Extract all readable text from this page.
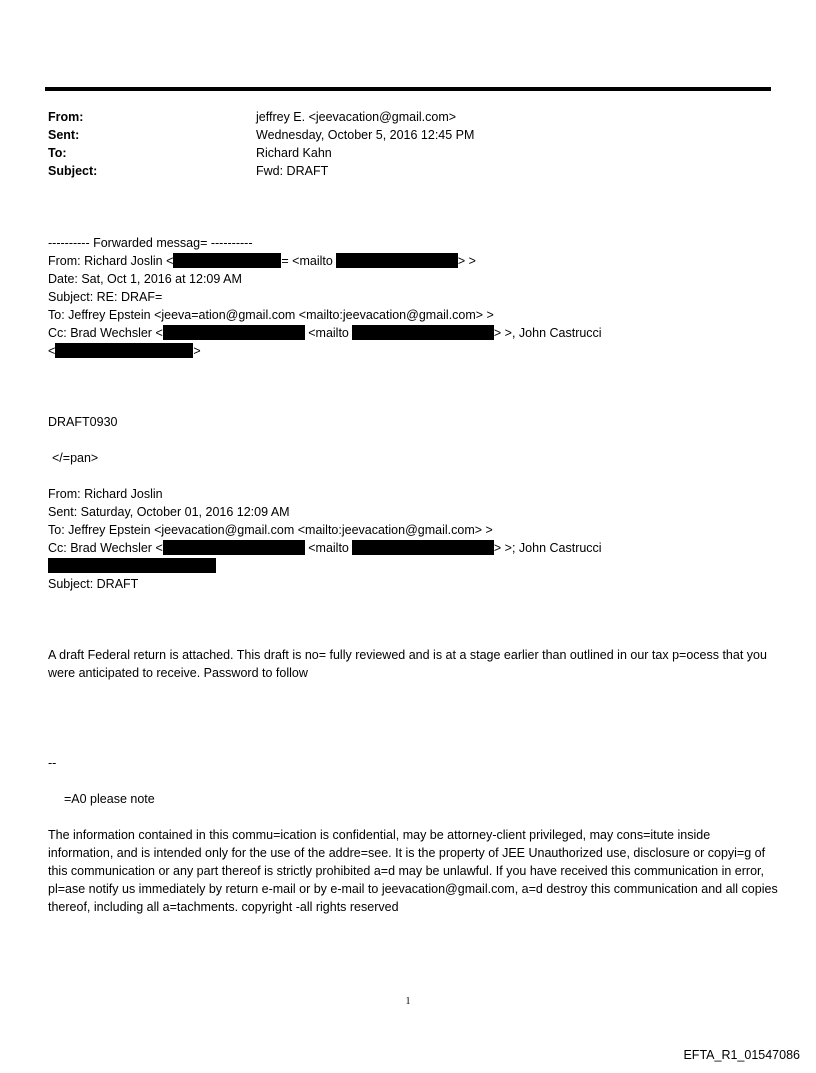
From:	jeffrey E. <jeevacation@gmail.com>
Sent:	Wednesday, October 5, 2016 12:45 PM
To:	Richard Kahn
Subject:	Fwd: DRAFT
---------- Forwarded messag= ----------
From: Richard Joslin <	= <mailto	> >
Date: Sat, Oct 1, 2016 at 12:09 AM
Subject: RE: DRAF=
To: Jeffrey Epstein <jeeva=ation@gmail.com <mailto:jeevacation@gmail.com> >
Cc: Brad Wechsler <	<mailto	> >, John Castrucci
<	>
DRAFT0930
</=pan>
From: Richard Joslin
Sent: Saturday, October 01, 2016 12:09 AM
To: Jeffrey Epstein <jeevacation@gmail.com <mailto:jeevacation@gmail.com> >
Cc: Brad Wechsler <	<mailto	> >; John Castrucci
Subject: DRAFT
A draft Federal return is attached. This draft is no= fully reviewed and is at a stage earlier than outlined in our tax p=ocess that you were anticipated to receive. Password to follow
--
=A0 please note
The information contained in this commu=ication is confidential, may be attorney-client privileged, may cons=itute inside information, and is intended only for the use of the addre=see. It is the property of JEE Unauthorized use, disclosure or copyi=g of this communication or any part thereof is strictly prohibited a=d may be unlawful. If you have received this communication in error, pl=ase notify us immediately by return e-mail or by e-mail to jeevacation@gmail.com, a=d destroy this communication and all copies thereof, including all a=tachments. copyright -all rights reserved
1
EFTA_R1_01547086
